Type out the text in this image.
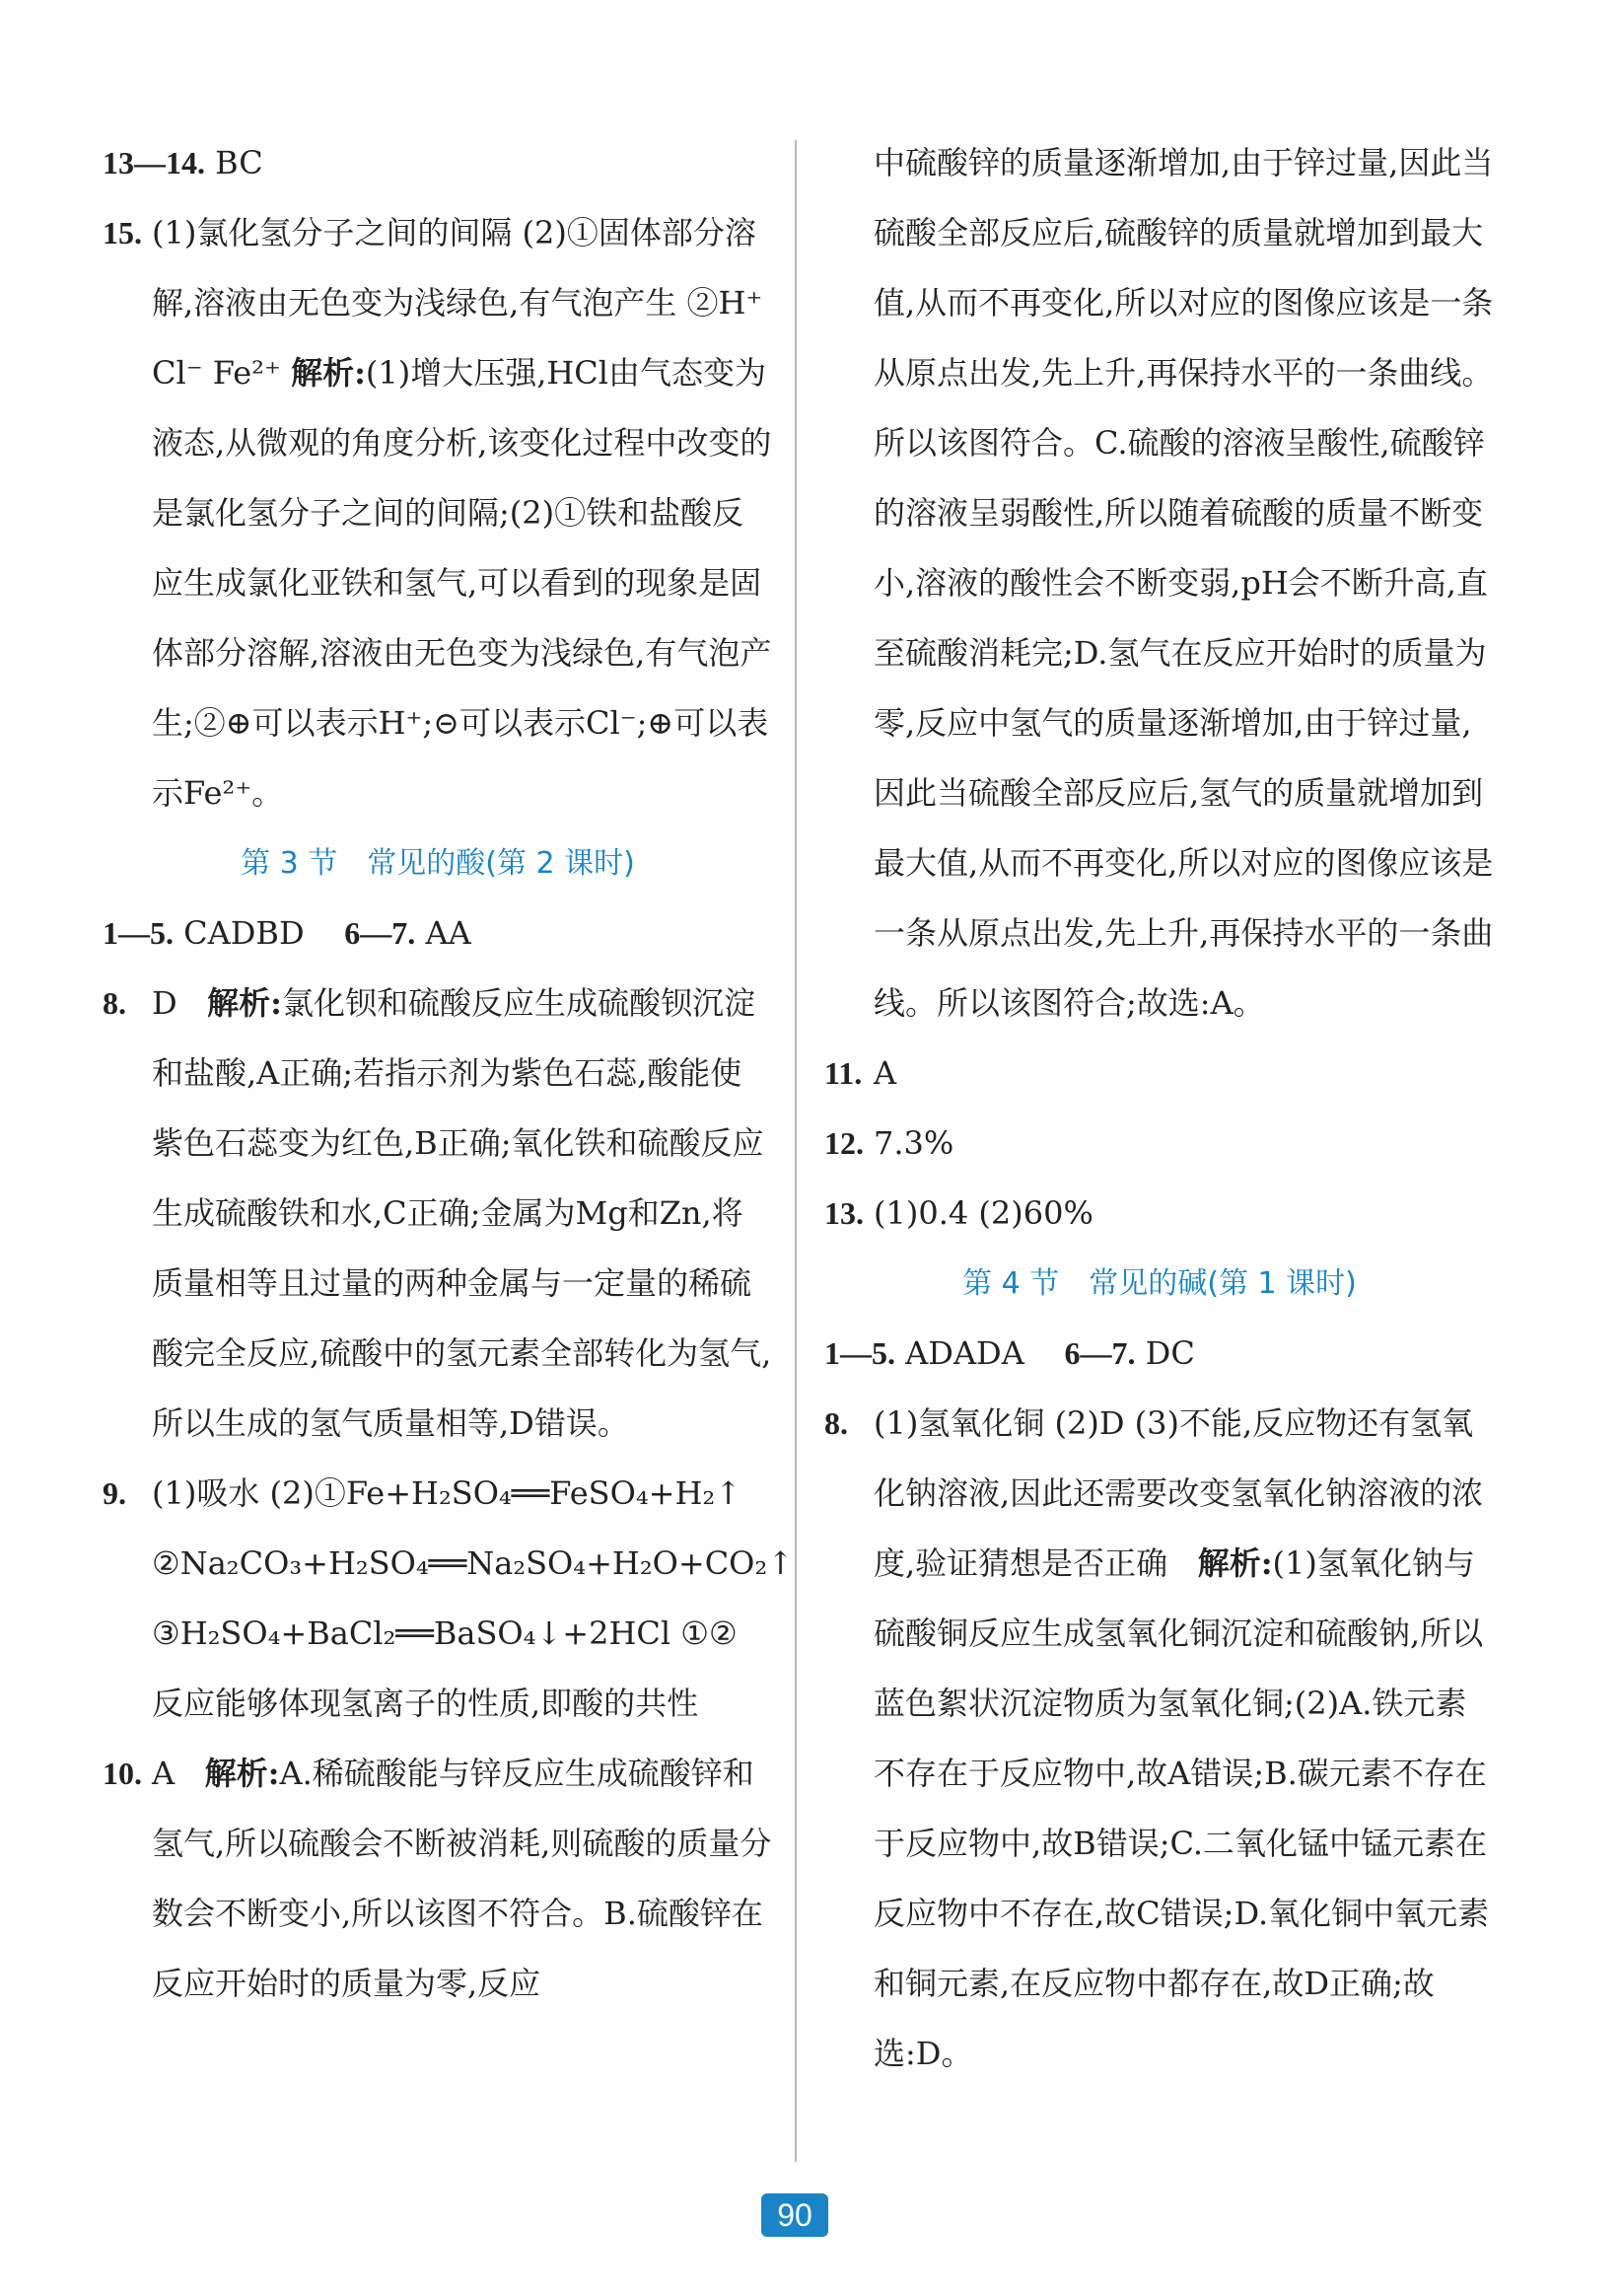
13—14. BC
15. (1)氯化氢分子之间的间隔 (2)①固体部分溶解,溶液由无色变为浅绿色,有气泡产生 ②H⁺ Cl⁻ Fe²⁺ 解析:(1)增大压强,HCl由气态变为液态,从微观的角度分析,该变化过程中改变的是氯化氢分子之间的间隔;(2)①铁和盐酸反应生成氯化亚铁和氢气,可以看到的现象是固体部分溶解,溶液由无色变为浅绿色,有气泡产生;②⊕可以表示H⁺;⊝可以表示Cl⁻;⊕可以表示Fe²⁺。
第 3 节　常见的酸(第 2 课时)
1—5. CADBD 6—7. AA
8. D 解析:氯化钡和硫酸反应生成硫酸钡沉淀和盐酸,A正确;若指示剂为紫色石蕊,酸能使紫色石蕊变为红色,B正确;氧化铁和硫酸反应生成硫酸铁和水,C正确;金属为Mg和Zn,将质量相等且过量的两种金属与一定量的稀硫酸完全反应,硫酸中的氢元素全部转化为氢气,所以生成的氢气质量相等,D错误。
9. (1)吸水 (2)①Fe+H₂SO₄══FeSO₄+H₂↑ ②Na₂CO₃+H₂SO₄══Na₂SO₄+H₂O+CO₂↑ ③H₂SO₄+BaCl₂══BaSO₄↓+2HCl ①② 反应能够体现氢离子的性质,即酸的共性
10. A 解析:A.稀硫酸能与锌反应生成硫酸锌和氢气,所以硫酸会不断被消耗,则硫酸的质量分数会不断变小,所以该图不符合。B.硫酸锌在反应开始时的质量为零,反应
中硫酸锌的质量逐渐增加,由于锌过量,因此当硫酸全部反应后,硫酸锌的质量就增加到最大值,从而不再变化,所以对应的图像应该是一条从原点出发,先上升,再保持水平的一条曲线。所以该图符合。C.硫酸的溶液呈酸性,硫酸锌的溶液呈弱酸性,所以随着硫酸的质量不断变小,溶液的酸性会不断变弱,pH会不断升高,直至硫酸消耗完;D.氢气在反应开始时的质量为零,反应中氢气的质量逐渐增加,由于锌过量,因此当硫酸全部反应后,氢气的质量就增加到最大值,从而不再变化,所以对应的图像应该是一条从原点出发,先上升,再保持水平的一条曲线。所以该图符合;故选:A。
11. A
12. 7.3%
13. (1)0.4 (2)60%
第 4 节　常见的碱(第 1 课时)
1—5. ADADA 6—7. DC
8. (1)氢氧化铜 (2)D (3)不能,反应物还有氢氧化钠溶液,因此还需要改变氢氧化钠溶液的浓度,验证猜想是否正确 解析:(1)氢氧化钠与硫酸铜反应生成氢氧化铜沉淀和硫酸钠,所以蓝色絮状沉淀物质为氢氧化铜;(2)A.铁元素不存在于反应物中,故A错误;B.碳元素不存在于反应物中,故B错误;C.二氧化锰中锰元素在反应物中不存在,故C错误;D.氧化铜中氧元素和铜元素,在反应物中都存在,故D正确;故选:D。
90
